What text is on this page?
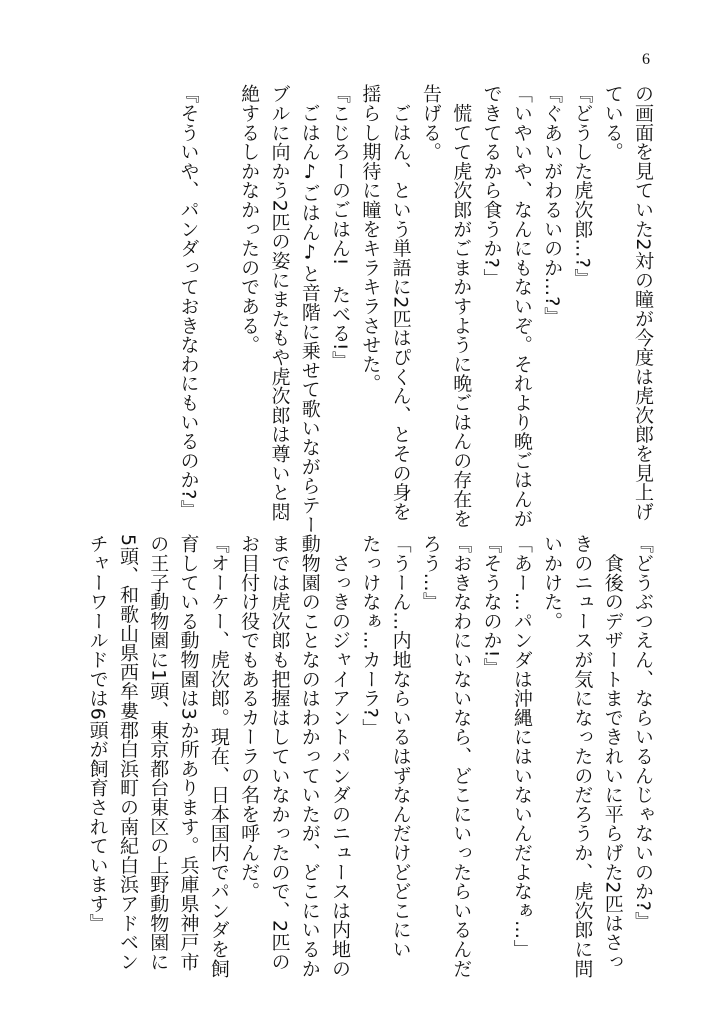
6
の画面を見ていた2対の瞳が今度は虎次郎を見上げ
ている。
『どうした虎次郎…?』
『ぐあいがわるいのか…?』
「いやいや、なんにもないぞ。それより晩ごはんが
できてるから食うか?」
　慌てて虎次郎がごまかすように晩ごはんの存在を
告げる。
　ごはん、という単語に2匹はぴくん、とその身を
揺らし期待に瞳をキラキラさせた。
『こじろーのごはん!　たべる!』
　ごはん♪ごはん♪と音階に乗せて歌いながらテー
ブルに向かう2匹の姿にまたもや虎次郎は尊いと悶
絶するしかなかったのである。

『そういや、パンダっておきなわにもいるのか?』
『どうぶつえん、ならいるんじゃないのか?』
　食後のデザートまできれいに平らげた2匹はさっ
きのニュースが気になったのだろうか、虎次郎に問
いかけた。
「あー…パンダは沖縄にはいないんだよなぁ…」
『そうなのか!』
『おきなわにいないなら、どこにいったらいるんだ
ろう…』
「うーん…内地ならいるはずなんだけどどこにい
たっけなぁ…カーラ?」
　さっきのジャイアントパンダのニュースは内地の
動物園のことなのはわかっていたが、どこにいるか
までは虎次郎も把握はしていなかったので、2匹の
お目付け役でもあるカーラの名を呼んだ。
『オーケー、虎次郎。現在、日本国内でパンダを飼
育している動物園は3か所あります。兵庫県神戸市
の王子動物園に1頭、東京都台東区の上野動物園に
5頭、和歌山県西牟婁郡白浜町の南紀白浜アドベン
チャーワールドでは6頭が飼育されています』
